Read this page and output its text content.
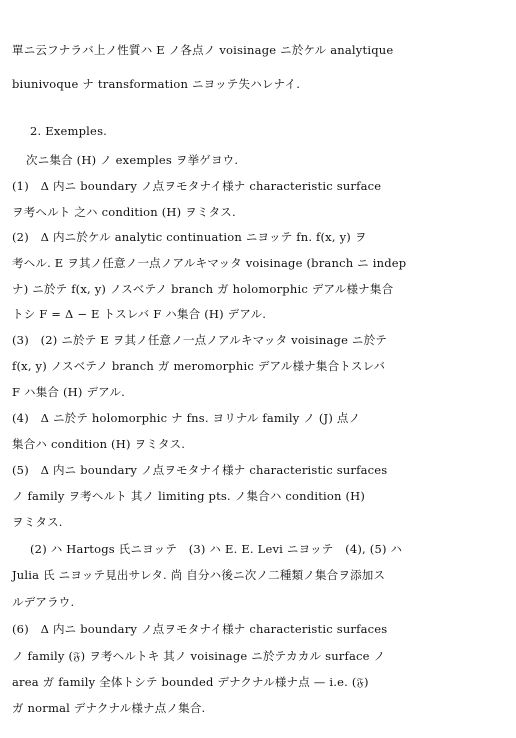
單ニ云フナラバ上ノ性質ハ E ノ各点ノ voisinage ニ於ケル analytique
biunivoque ナ transformation ニヨッテ失ハレナイ.
2. Exemples.
次ニ集合 (H) ノ exemples ヲ挙ゲヨウ.
(1)　Δ 内ニ boundary ノ点ヲモタナイ様ナ characteristic surface
ヲ考ヘルト 之ハ condition (H) ヲミタス.
(2)　Δ 内ニ於ケル analytic continuation ニヨッテ fn. f(x, y) ヲ
考ヘル. E ヲ其ノ任意ノ一点ノアルキマッタ voisinage (branch ニ indep
ナ) ニ於テ f(x, y) ノスベテノ branch ガ holomorphic デアル様ナ集合
トシ F = Δ − E トスレバ F ハ集合 (H) デアル.
(3)　(2) ニ於テ E ヲ其ノ任意ノ一点ノアルキマッタ voisinage ニ於テ
f(x, y) ノスベテノ branch ガ meromorphic デアル様ナ集合トスレバ
F ハ集合 (H) デアル.
(4)　Δ ニ於テ holomorphic ナ fns. ヨリナル family ノ (J) 点ノ
集合ハ condition (H) ヲミタス.
(5)　Δ 内ニ boundary ノ点ヲモタナイ様ナ characteristic surfaces
ノ family ヲ考ヘルト 其ノ limiting pts. ノ集合ハ condition (H)
ヲミタス.
(2) ハ Hartogs 氏ニヨッテ　(3) ハ E. E. Levi ニヨッテ　(4), (5) ハ
Julia 氏 ニヨッテ見出サレタ. 尚 自分ハ後ニ次ノ二種類ノ集合ヲ添加ス
ルデアラウ.
(6)　Δ 内ニ boundary ノ点ヲモタナイ様ナ characteristic surfaces
ノ family (𝔉) ヲ考ヘルトキ 其ノ voisinage ニ於テカカル surface ノ
area ガ family 全体トシテ bounded デナクナル様ナ点 — i.e. (𝔉)
ガ normal デナクナル様ナ点ノ集合.
